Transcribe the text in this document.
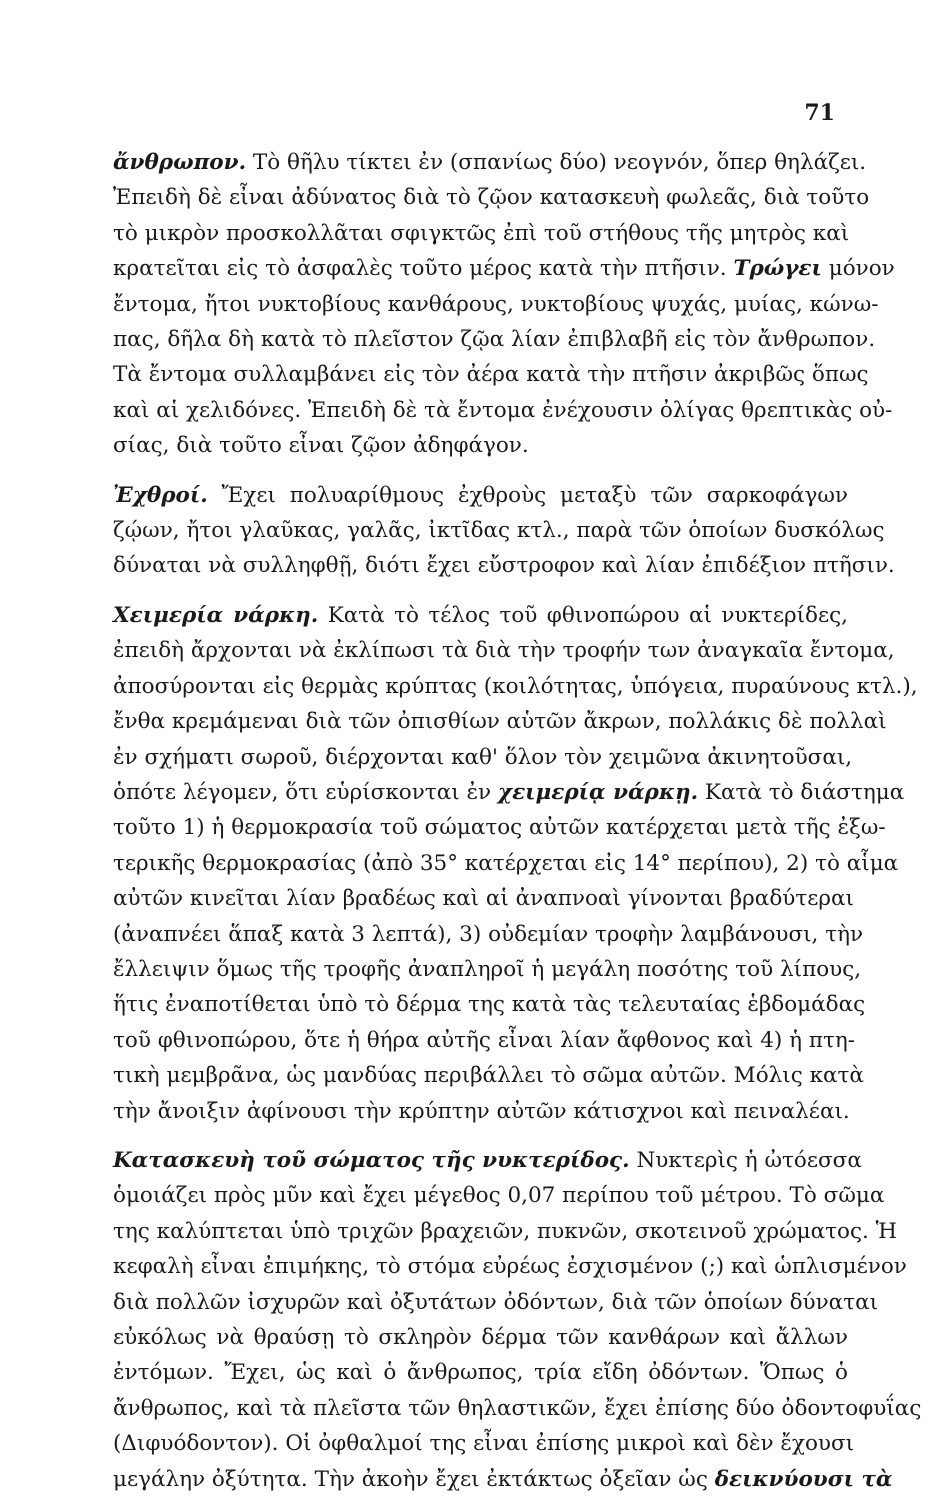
71
ἄνθρωπον. Τὸ θῆλυ τίκτει ἐν (σπανίως δύο) νεογνόν, ὅπερ θηλάζει.
Ἐπειδὴ δὲ εἶναι ἀδύνατος διὰ τὸ ζῷον κατασκευὴ φωλεᾶς, διὰ τοῦτο
τὸ μικρὸν προσκολλᾶται σφιγκτῶς ἐπὶ τοῦ στήθους τῆς μητρὸς καὶ
κρατεῖται εἰς τὸ ἀσφαλὲς τοῦτο μέρος κατὰ τὴν πτῆσιν. Τρώγει μόνον
ἔντομα, ἤτοι νυκτοβίους κανθάρους, νυκτοβίους ψυχάς, μυίας, κώνω-
πας, δῆλα δὴ κατὰ τὸ πλεῖστον ζῷα λίαν ἐπιβλαβῆ εἰς τὸν ἄνθρωπον.
Τὰ ἔντομα συλλαμβάνει εἰς τὸν ἀέρα κατὰ τὴν πτῆσιν ἀκριβῶς ὅπως
καὶ αἱ χελιδόνες. Ἐπειδὴ δὲ τὰ ἔντομα ἐνέχουσιν ὀλίγας θρεπτικὰς οὐ-
σίας, διὰ τοῦτο εἶναι ζῷον ἀδηφάγον.
Ἐχθροί. Ἔχει πολυαρίθμους ἐχθροὺς μεταξὺ τῶν σαρκοφάγων
ζῴων, ἤτοι γλαῦκας, γαλᾶς, ἰκτῖδας κτλ., παρὰ τῶν ὁποίων δυσκόλως
δύναται νὰ συλληφθῇ, διότι ἔχει εὔστροφον καὶ λίαν ἐπιδέξιον πτῆσιν.
Χειμερία νάρκη. Κατὰ τὸ τέλος τοῦ φθινοπώρου αἱ νυκτερίδες,
ἐπειδὴ ἄρχονται νὰ ἐκλίπωσι τὰ διὰ τὴν τροφήν των ἀναγκαῖα ἔντομα,
ἀποσύρονται εἰς θερμὰς κρύπτας (κοιλότητας, ὑπόγεια, πυραύνους κτλ.),
ἔνθα κρεμάμεναι διὰ τῶν ὀπισθίων αὑτῶν ἄκρων, πολλάκις δὲ πολλαὶ
ἐν σχήματι σωροῦ, διέρχονται καθ' ὅλον τὸν χειμῶνα ἀκινητοῦσαι,
ὁπότε λέγομεν, ὅτι εὑρίσκονται ἐν χειμερίᾳ νάρκῃ. Κατὰ τὸ διάστημα
τοῦτο 1) ἡ θερμοκρασία τοῦ σώματος αὐτῶν κατέρχεται μετὰ τῆς ἐξω-
τερικῆς θερμοκρασίας (ἀπὸ 35° κατέρχεται εἰς 14° περίπου), 2) τὸ αἷμα
αὐτῶν κινεῖται λίαν βραδέως καὶ αἱ ἀναπνοαὶ γίνονται βραδύτεραι
(ἀναπνέει ἅπαξ κατὰ 3 λεπτά), 3) οὐδεμίαν τροφὴν λαμβάνουσι, τὴν
ἔλλειψιν ὅμως τῆς τροφῆς ἀναπληροῖ ἡ μεγάλη ποσότης τοῦ λίπους,
ἥτις ἐναποτίθεται ὑπὸ τὸ δέρμα της κατὰ τὰς τελευταίας ἑβδομάδας
τοῦ φθινοπώρου, ὅτε ἡ θήρα αὐτῆς εἶναι λίαν ἄφθονος καὶ 4) ἡ πτη-
τικὴ μεμβρᾶνα, ὡς μανδύας περιβάλλει τὸ σῶμα αὐτῶν. Μόλις κατὰ
τὴν ἄνοιξιν ἀφίνουσι τὴν κρύπτην αὐτῶν κάτισχνοι καὶ πειναλέαι.
Κατασκευὴ τοῦ σώματος τῆς νυκτερίδος. Νυκτερὶς ἡ ὠτόεσσα
ὁμοιάζει πρὸς μῦν καὶ ἔχει μέγεθος 0,07 περίπου τοῦ μέτρου. Τὸ σῶμα
της καλύπτεται ὑπὸ τριχῶν βραχειῶν, πυκνῶν, σκοτεινοῦ χρώματος. Ἡ
κεφαλὴ εἶναι ἐπιμήκης, τὸ στόμα εὐρέως ἐσχισμένον (;) καὶ ὡπλισμένον
διὰ πολλῶν ἰσχυρῶν καὶ ὀξυτάτων ὀδόντων, διὰ τῶν ὁποίων δύναται
εὐκόλως νὰ θραύσῃ τὸ σκληρὸν δέρμα τῶν κανθάρων καὶ ἄλλων
ἐντόμων. Ἔχει, ὡς καὶ ὁ ἄνθρωπος, τρία εἴδη ὀδόντων. Ὅπως ὁ
ἄνθρωπος, καὶ τὰ πλεῖστα τῶν θηλαστικῶν, ἔχει ἐπίσης δύο ὀδοντοφυΐας
(Διφυόδοντον). Οἱ ὀφθαλμοί της εἶναι ἐπίσης μικροὶ καὶ δὲν ἔχουσι
μεγάλην ὀξύτητα. Τὴν ἀκοὴν ἔχει ἐκτάκτως ὀξεῖαν ὡς δεικνύουσι τὰ
